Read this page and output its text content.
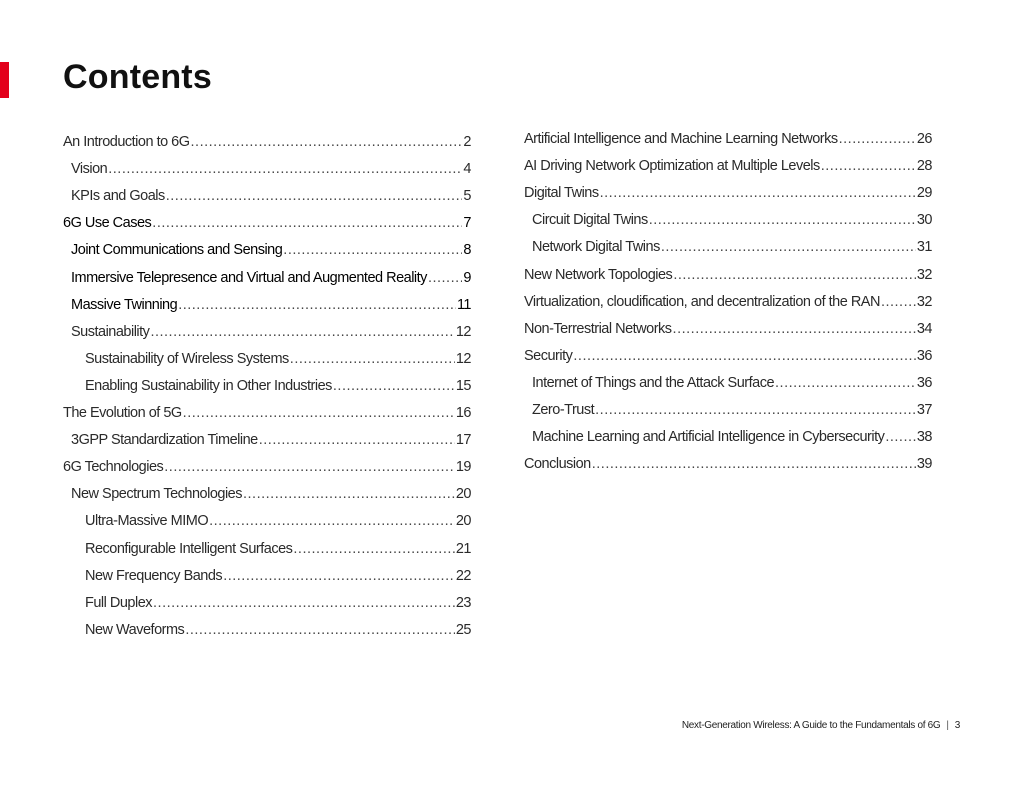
Contents
An Introduction to 6G .....	2
Vision .....	4
KPIs and Goals .....	5
6G Use Cases .....	7
Joint Communications and Sensing .....	8
Immersive Telepresence and Virtual and Augmented Reality .....	9
Massive Twinning .....	11
Sustainability .....	12
Sustainability of Wireless Systems .....	12
Enabling Sustainability in Other Industries .....	15
The Evolution of 5G .....	16
3GPP Standardization Timeline .....	17
6G Technologies .....	19
New Spectrum Technologies .....	20
Ultra-Massive MIMO .....	20
Reconfigurable Intelligent Surfaces .....	21
New Frequency Bands .....	22
Full Duplex .....	23
New Waveforms .....	25
Artificial Intelligence and Machine Learning Networks .....	26
AI Driving Network Optimization at Multiple Levels .....	28
Digital Twins .....	29
Circuit Digital Twins .....	30
Network Digital Twins .....	31
New Network Topologies .....	32
Virtualization, cloudification, and decentralization of the RAN .....	32
Non-Terrestrial Networks .....	34
Security .....	36
Internet of Things and the Attack Surface .....	36
Zero-Trust .....	37
Machine Learning and Artificial Intelligence in Cybersecurity ..... 38
Conclusion .....	39
Next-Generation Wireless: A Guide to the Fundamentals of 6G | 3
